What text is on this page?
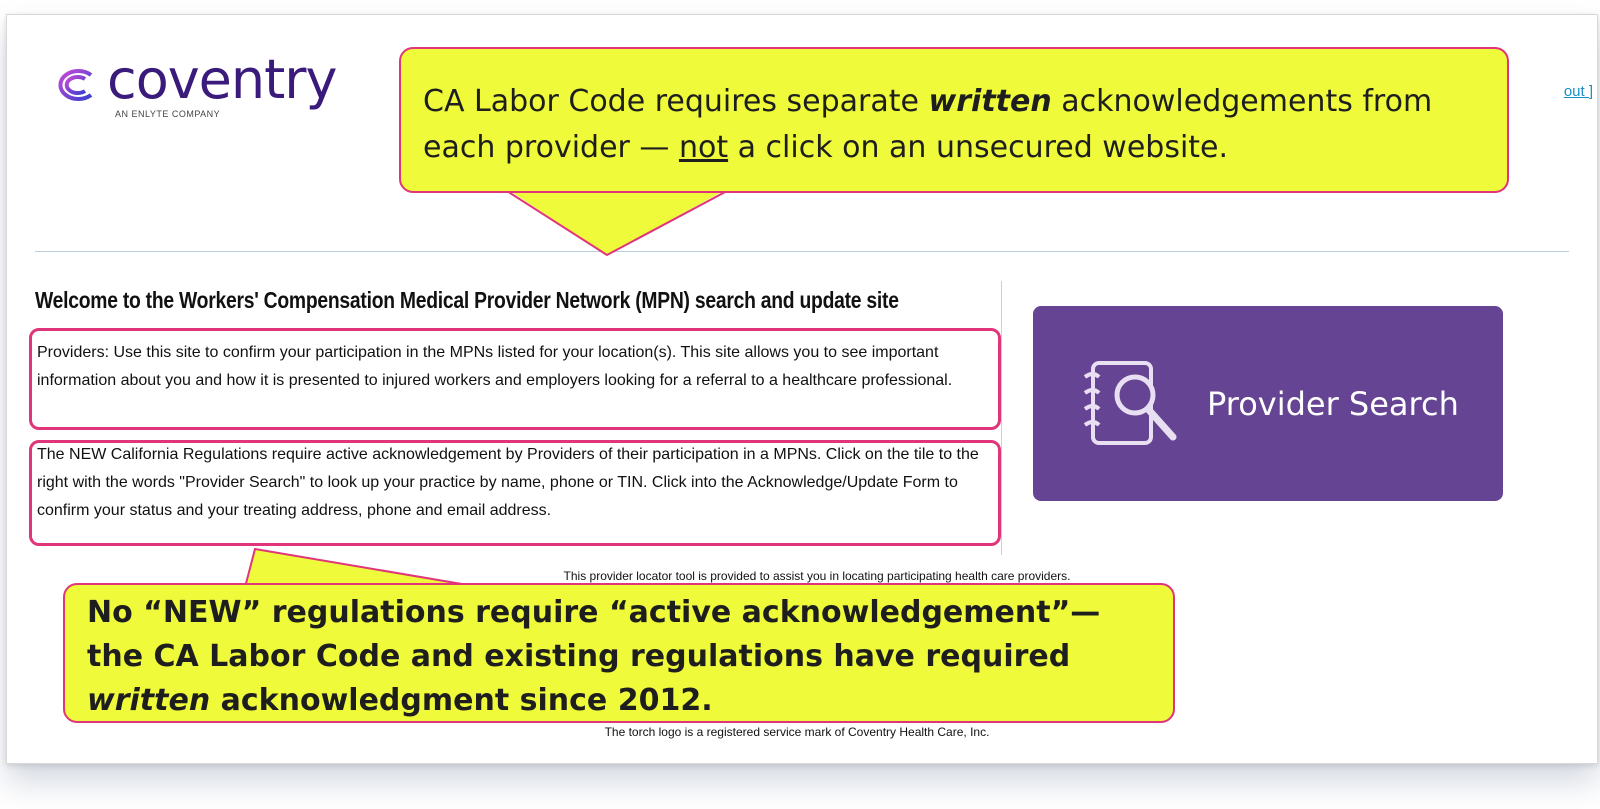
coventry
AN ENLYTE COMPANY
out ]
Welcome to the Workers' Compensation Medical Provider Network (MPN) search and update site
Providers: Use this site to confirm your participation in the MPNs listed for your location(s). This site allows you to see important information about you and how it is presented to injured workers and employers looking for a referral to a healthcare professional.
The NEW California Regulations require active acknowledgement by Providers of their participation in a MPNs. Click on the tile to the right with the words "Provider Search" to look up your practice by name, phone or TIN. Click into the Acknowledge/Update Form to confirm your status and your treating address, phone and email address.
Provider Search
This provider locator tool is provided to assist you in locating participating health care providers.
The torch logo is a registered service mark of Coventry Health Care, Inc.
CA Labor Code requires separate written acknowledgements from each provider — not a click on an unsecured website.
No “NEW” regulations require “active acknowledgement”—the CA Labor Code and existing regulations have required written acknowledgment since 2012.
